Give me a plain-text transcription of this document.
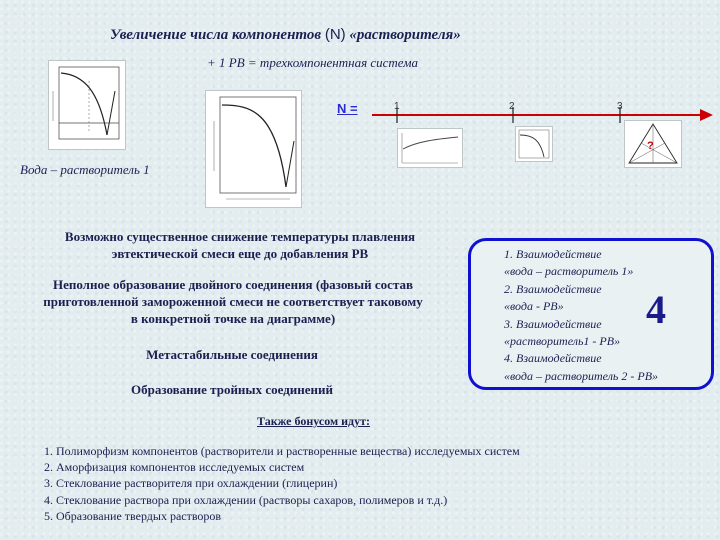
Увеличение числа компонентов (N) «растворителя»
+ 1 РВ = трехкомпонентная система
Вода – растворитель 1
N =	1	2	3
?
Возможно существенное снижение температуры плавления
эвтектической смеси еще до добавления РВ
Неполное образование двойного соединения (фазовый состав
приготовленной замороженной смеси не соответствует таковому
в конкретной точке на диаграмме)
Метастабильные соединения
Образование тройных соединений
1. Взаимодействие
«вода – растворитель 1»
2. Взаимодействие
«вода - РВ»
3. Взаимодействие
«растворитель1 - РВ»
4. Взаимодействие
«вода – растворитель 2 - РВ»
4
Также бонусом идут:
1. Полиморфизм компонентов (растворители и растворенные вещества) исследуемых систем
2. Аморфизация компонентов исследуемых систем
3. Стеклование растворителя при охлаждении (глицерин)
4. Стеклование раствора при охлаждении (растворы сахаров, полимеров и т.д.)
5. Образование твердых растворов
